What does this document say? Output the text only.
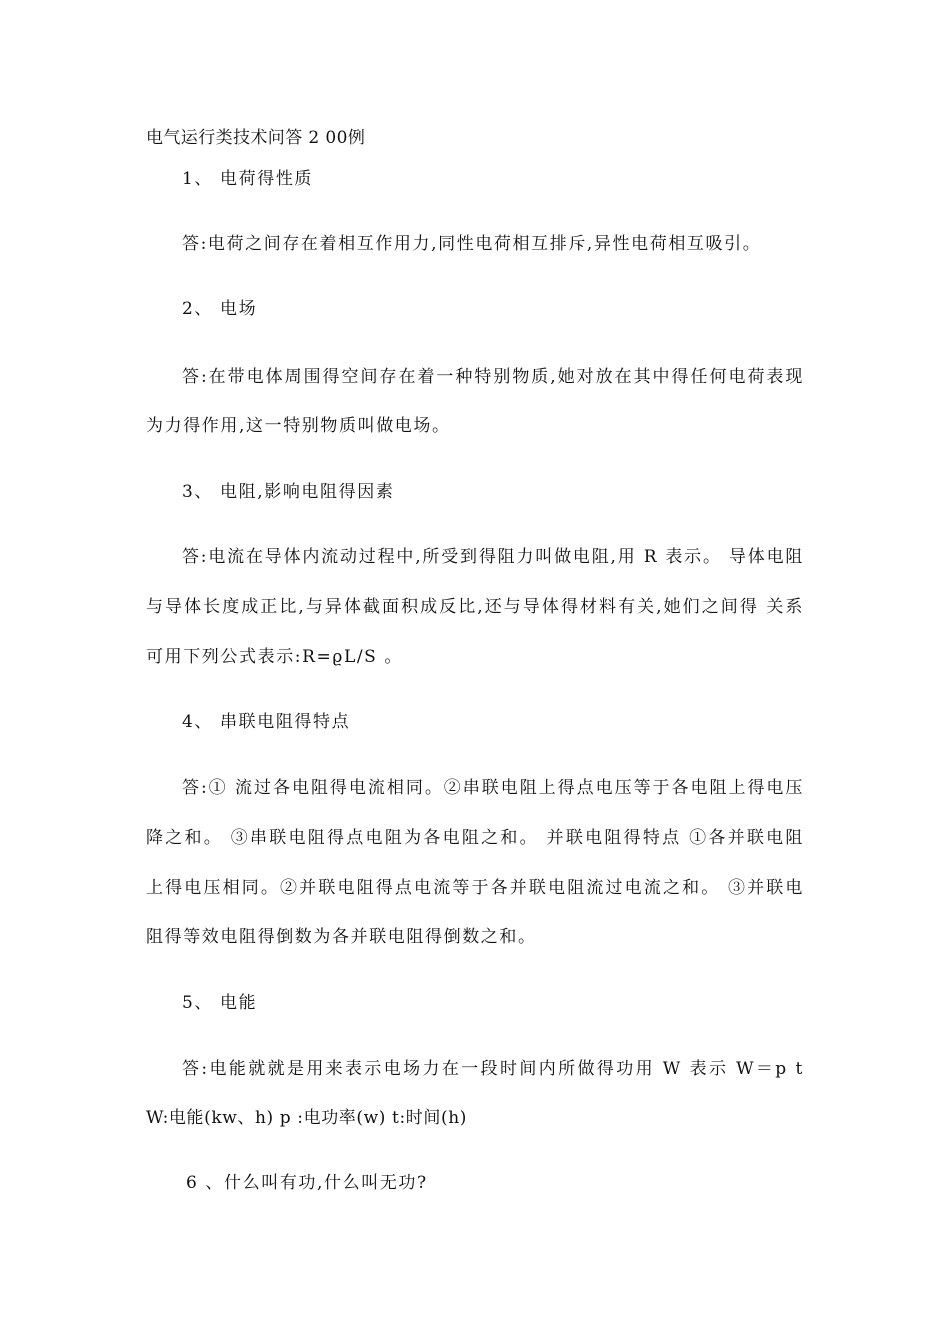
电气运行类技术问答 2 00例
1、 电荷得性质
答:电荷之间存在着相互作用力,同性电荷相互排斥,异性电荷相互吸引。
2、 电场
答:在带电体周围得空间存在着一种特别物质,她对放在其中得任何电荷表现
为力得作用,这一特别物质叫做电场。
3、 电阻,影响电阻得因素
答:电流在导体内流动过程中,所受到得阻力叫做电阻,用 R 表示。 导体电阻
与导体长度成正比,与异体截面积成反比,还与导体得材料有关,她们之间得 关系
可用下列公式表示:R=ϱL/S 。
4、 串联电阻得特点
答:① 流过各电阻得电流相同。②串联电阻上得点电压等于各电阻上得电压
降之和。 ③串联电阻得点电阻为各电阻之和。 并联电阻得特点 ①各并联电阻
上得电压相同。②并联电阻得点电流等于各并联电阻流过电流之和。 ③并联电
阻得等效电阻得倒数为各并联电阻得倒数之和。
5、 电能
答:电能就就是用来表示电场力在一段时间内所做得功用 W 表示 W＝p t
W:电能(kw、h) p :电功率(w) t:时间(h)
6 、什么叫有功,什么叫无功?
